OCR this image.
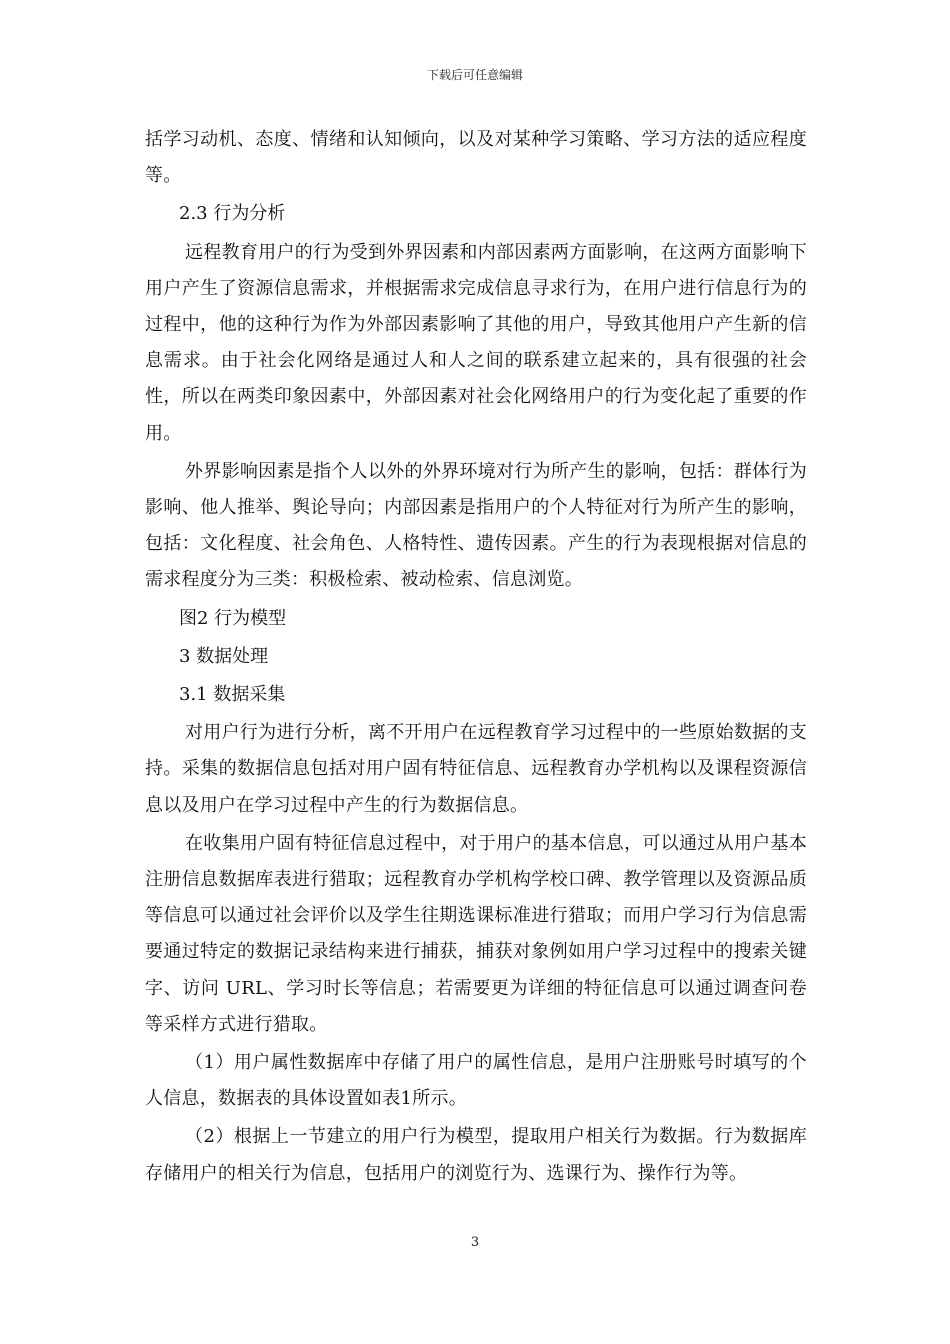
下载后可任意编辑

括学习动机、态度、情绪和认知倾向，以及对某种学习策略、学习方法的适应程度等。

2.3 行为分析

远程教育用户的行为受到外界因素和内部因素两方面影响，在这两方面影响下用户产生了资源信息需求，并根据需求完成信息寻求行为，在用户进行信息行为的过程中，他的这种行为作为外部因素影响了其他的用户，导致其他用户产生新的信息需求。由于社会化网络是通过人和人之间的联系建立起来的，具有很强的社会性，所以在两类印象因素中，外部因素对社会化网络用户的行为变化起了重要的作用。

外界影响因素是指个人以外的外界环境对行为所产生的影响，包括：群体行为影响、他人推举、舆论导向；内部因素是指用户的个人特征对行为所产生的影响，包括：文化程度、社会角色、人格特性、遗传因素。产生的行为表现根据对信息的需求程度分为三类：积极检索、被动检索、信息浏览。

图2 行为模型

3 数据处理

3.1 数据采集

对用户行为进行分析，离不开用户在远程教育学习过程中的一些原始数据的支持。采集的数据信息包括对用户固有特征信息、远程教育办学机构以及课程资源信息以及用户在学习过程中产生的行为数据信息。

在收集用户固有特征信息过程中，对于用户的基本信息，可以通过从用户基本注册信息数据库表进行猎取；远程教育办学机构学校口碑、教学管理以及资源品质等信息可以通过社会评价以及学生往期选课标准进行猎取；而用户学习行为信息需要通过特定的数据记录结构来进行捕获，捕获对象例如用户学习过程中的搜索关键字、访问 URL、学习时长等信息；若需要更为详细的特征信息可以通过调查问卷等采样方式进行猎取。

（1）用户属性数据库中存储了用户的属性信息，是用户注册账号时填写的个人信息，数据表的具体设置如表1所示。

（2）根据上一节建立的用户行为模型，提取用户相关行为数据。行为数据库存储用户的相关行为信息，包括用户的浏览行为、选课行为、操作行为等。

3
